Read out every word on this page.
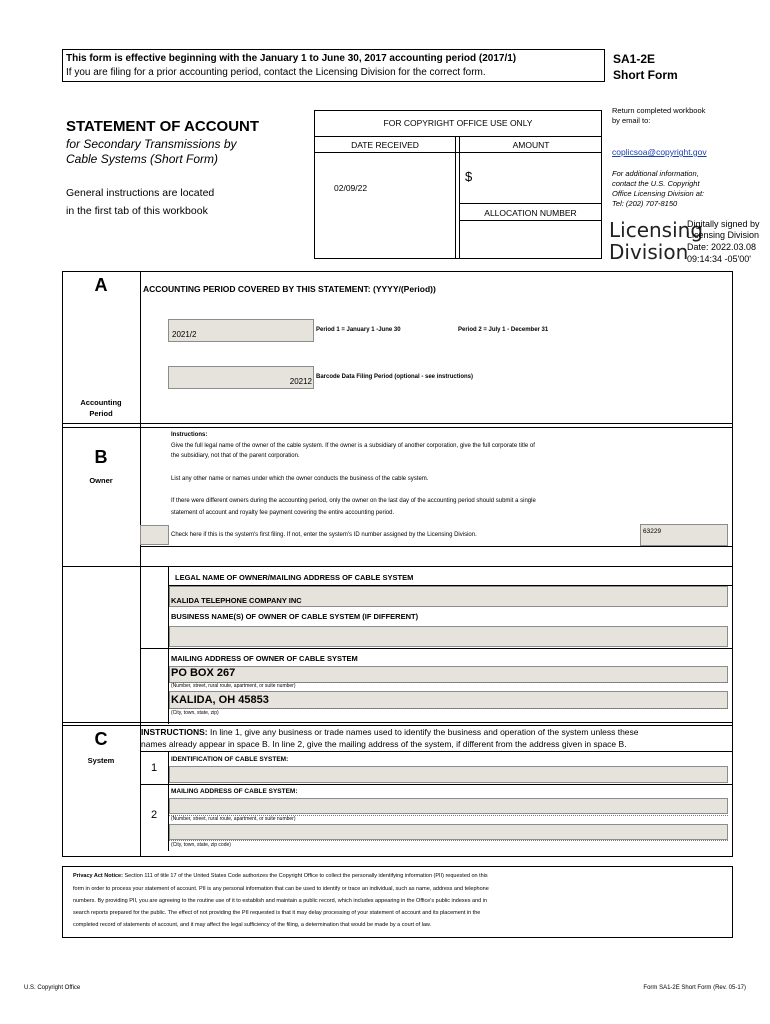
This form is effective beginning with the January 1 to June 30, 2017 accounting period (2017/1)
If you are filing for a prior accounting period, contact the Licensing Division for the correct form.
SA1-2E
Short Form
STATEMENT OF ACCOUNT
for Secondary Transmissions by
Cable Systems (Short Form)
General instructions are located
in the first tab of this workbook
FOR COPYRIGHT OFFICE USE ONLY
DATE RECEIVED	AMOUNT
02/09/22
$
ALLOCATION NUMBER
Return completed workbook
by email to:
coplicsoa@copyright.gov
For additional information,
contact the U.S. Copyright
Office Licensing Division at:
Tel: (202) 707-8150
Licensing
Division
Digitally signed by
Licensing Division
Date: 2022.03.08
09:14:34 -05'00'
A
Accounting
Period
ACCOUNTING PERIOD COVERED BY THIS STATEMENT: (YYYY/(Period))
2021/2	Period 1 = January 1 -June 30	Period 2 = July 1 - December 31
20212 Barcode Data Filing Period (optional - see instructions)
B
Owner
Instructions:
Give the full legal name of the owner of the cable system. If the owner is a subsidiary of another corporation, give the full corporate title of
the subsidiary, not that of the parent corporation.
List any other name or names under which the owner conducts the business of the cable system.
If there were different owners during the accounting period, only the owner on the last day of the accounting period should submit a single
statement of account and royalty fee payment covering the entire accounting period.
Check here if this is the system's first filing. If not, enter the system's ID number assigned by the Licensing Division.	63229
LEGAL NAME OF OWNER/MAILING ADDRESS OF CABLE SYSTEM
KALIDA TELEPHONE COMPANY INC
BUSINESS NAME(S) OF OWNER OF CABLE SYSTEM (IF DIFFERENT)
MAILING ADDRESS OF OWNER OF CABLE SYSTEM
PO BOX 267
(Number, street, rural route, apartment, or suite number)
KALIDA, OH 45853
(City, town, state, zip)
C
System
INSTRUCTIONS: In line 1, give any business or trade names used to identify the business and operation of the system unless these
names already appear in space B. In line 2, give the mailing address of the system, if different from the address given in space B.
1
IDENTIFICATION OF CABLE SYSTEM:
2
MAILING ADDRESS OF CABLE SYSTEM:
(Number, street, rural route, apartment, or suite number)
(City, town, state, zip code)
Privacy Act Notice: Section 111 of title 17 of the United States Code authorizes the Copyright Office to collect the personally identifying information (PII) requested on this
form in order to process your statement of account. PII is any personal information that can be used to identify or trace an individual, such as name, address and telephone
numbers. By providing PII, you are agreeing to the routine use of it to establish and maintain a public record, which includes appearing in the Office's public indexes and in
search reports prepared for the public. The effect of not providing the PII requested is that it may delay processing of your statement of account and its placement in the
completed record of statements of account, and it may affect the legal sufficiency of the filing, a determination that would be made by a court of law.
U.S. Copyright Office	Form SA1-2E Short Form (Rev. 05-17)
